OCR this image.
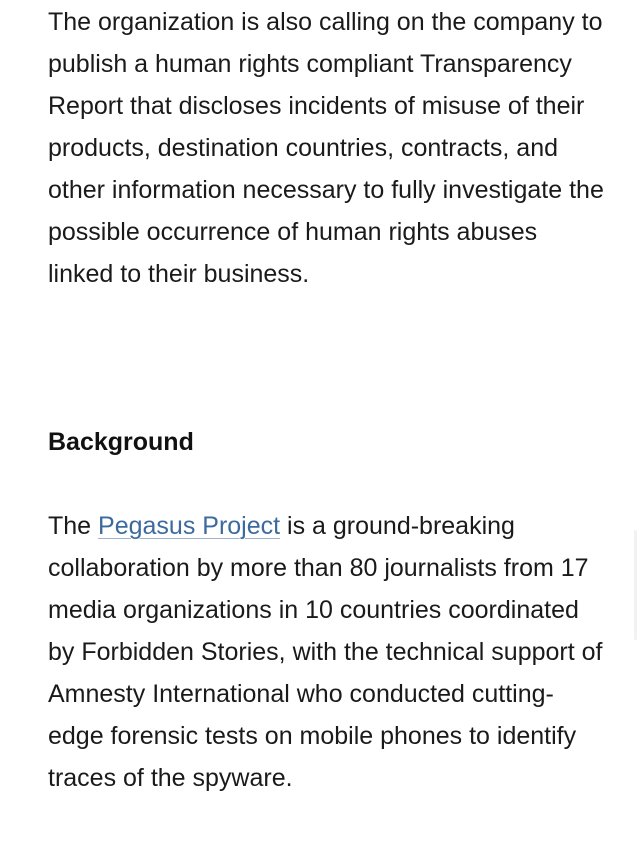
The organization is also calling on the company to publish a human rights compliant Transparency Report that discloses incidents of misuse of their products, destination countries, contracts, and other information necessary to fully investigate the possible occurrence of human rights abuses linked to their business.

Background

The Pegasus Project is a ground-breaking collaboration by more than 80 journalists from 17 media organizations in 10 countries coordinated by Forbidden Stories, with the technical support of Amnesty International who conducted cutting-edge forensic tests on mobile phones to identify traces of the spyware.
